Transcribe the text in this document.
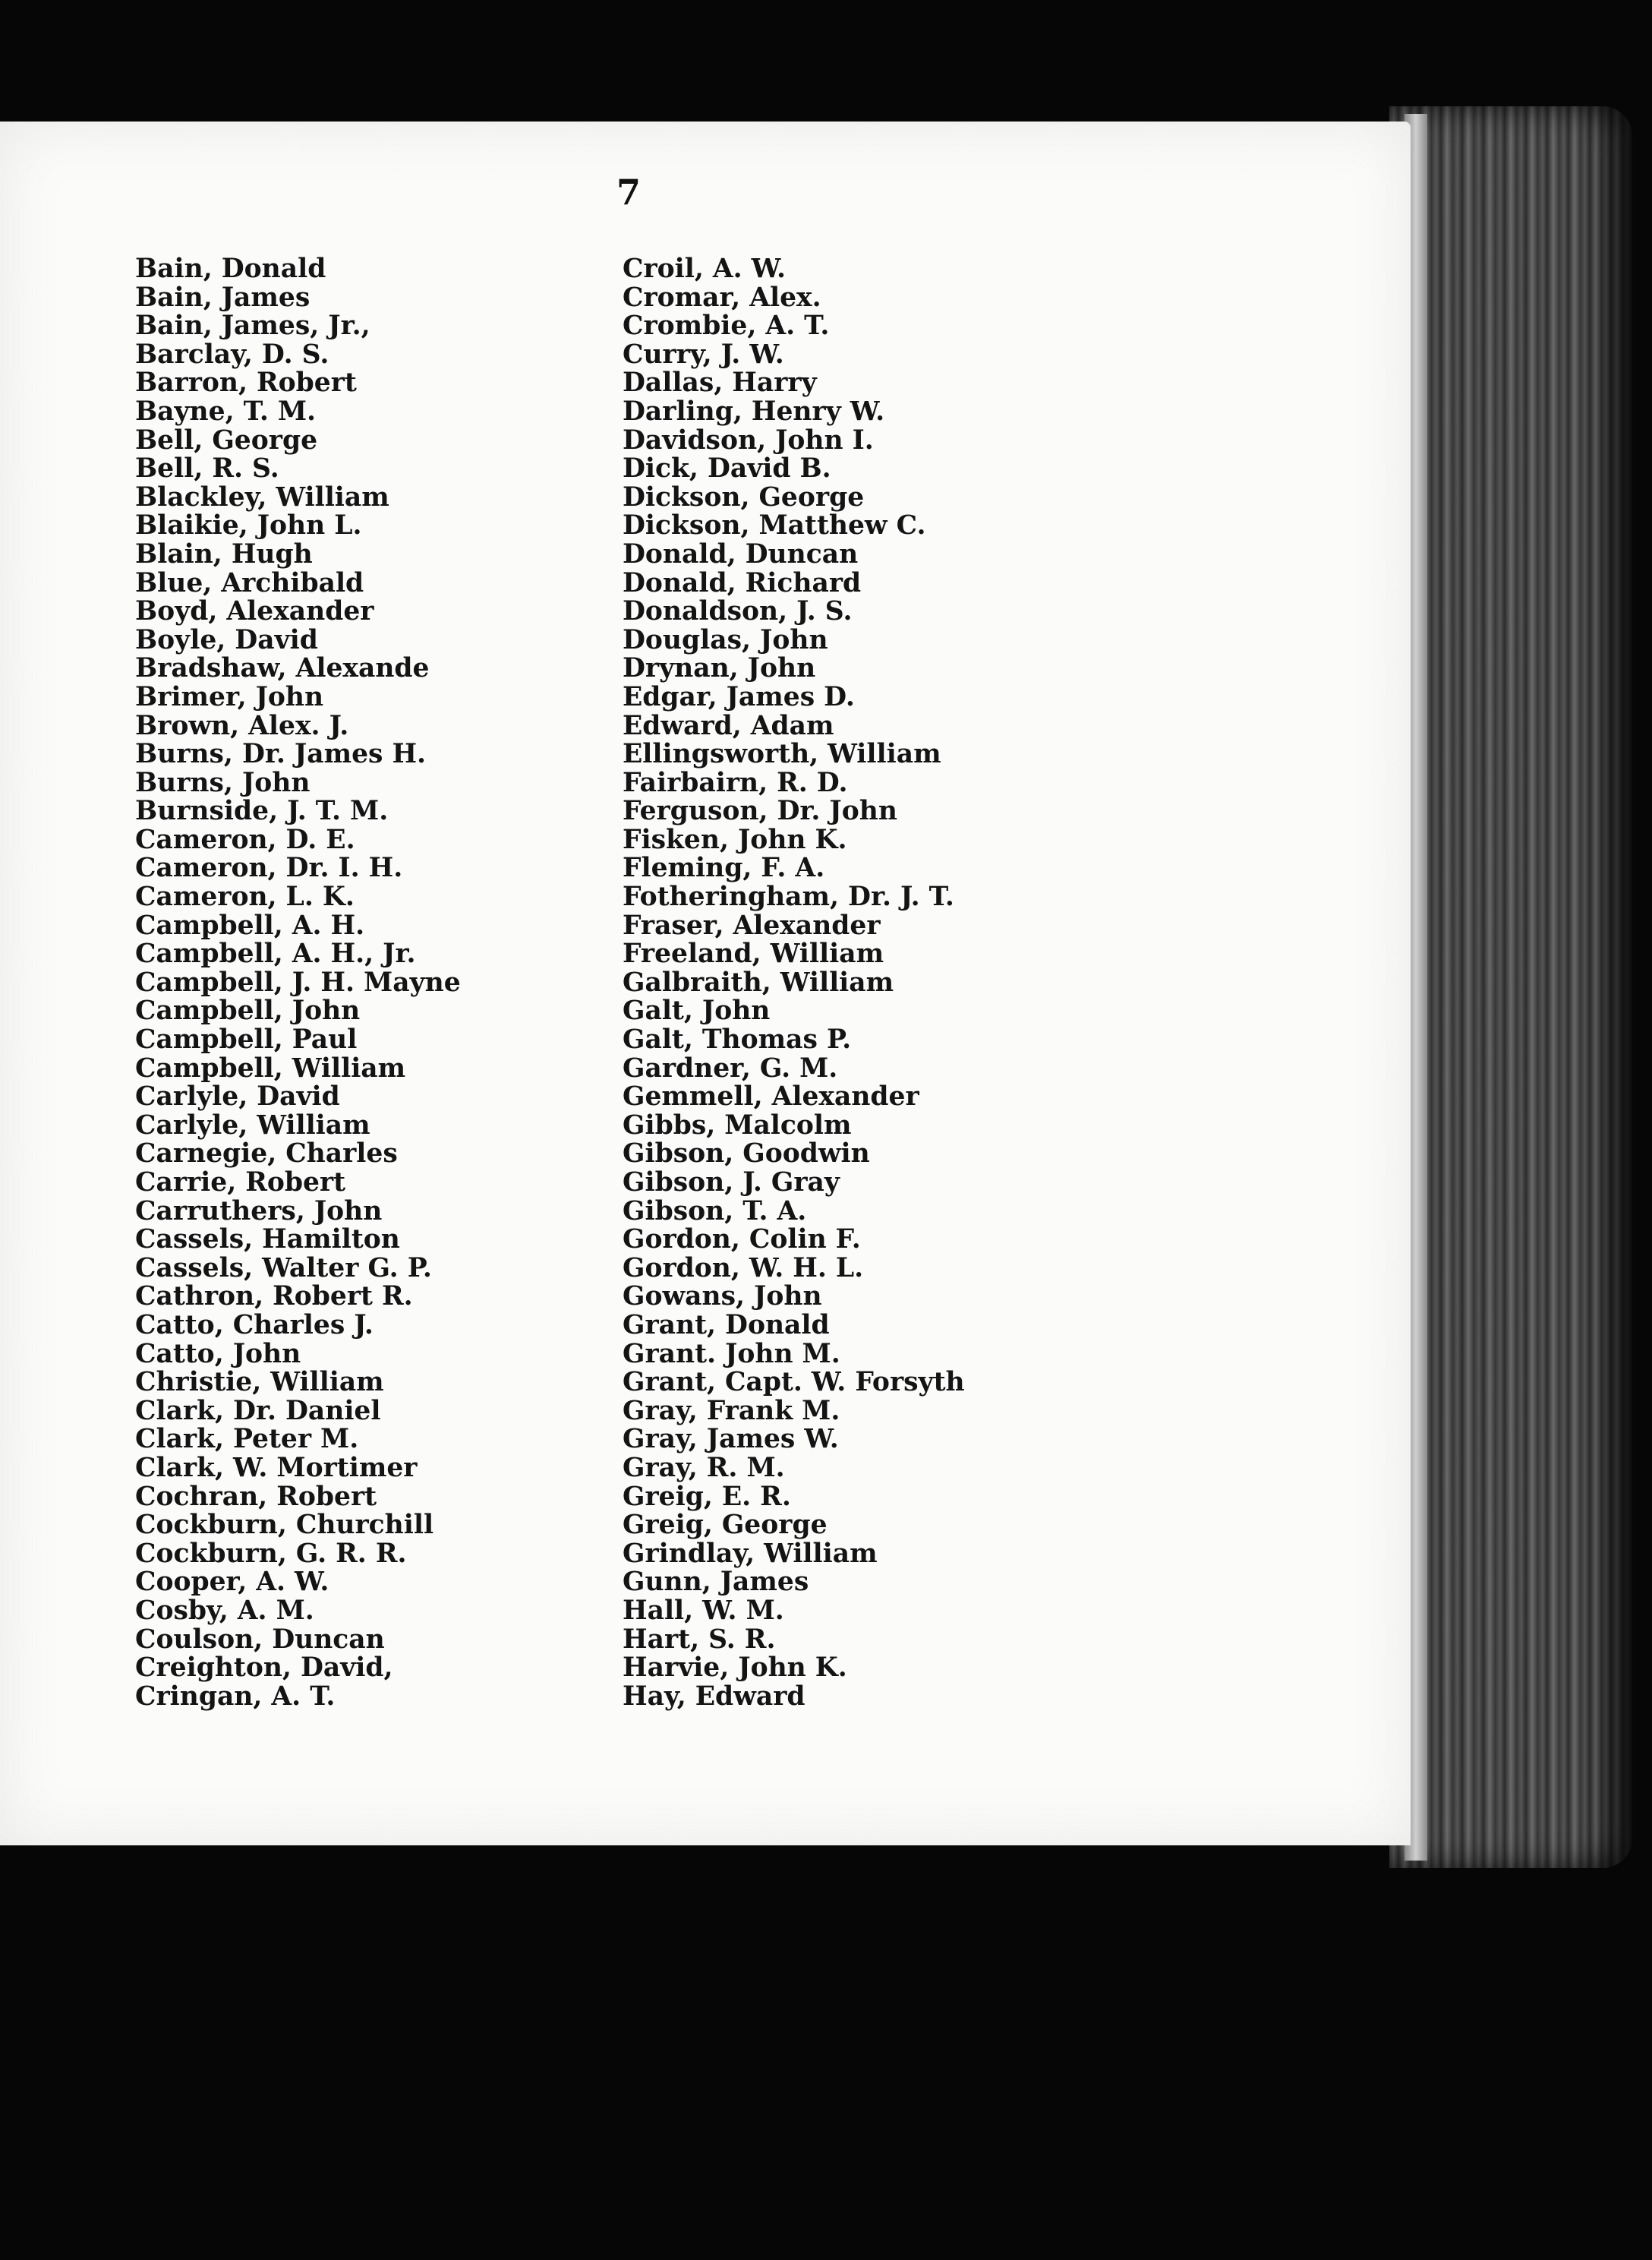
7
Bain, Donald
Bain, James
Bain, James, Jr.,
Barclay, D. S.
Barron, Robert
Bayne, T. M.
Bell, George
Bell, R. S.
Blackley, William
Blaikie, John L.
Blain, Hugh
Blue, Archibald
Boyd, Alexander
Boyle, David
Bradshaw, Alexande
Brimer, John
Brown, Alex. J.
Burns, Dr. James H.
Burns, John
Burnside, J. T. M.
Cameron, D. E.
Cameron, Dr. I. H.
Cameron, L. K.
Campbell, A. H.
Campbell, A. H., Jr.
Campbell, J. H. Mayne
Campbell, John
Campbell, Paul
Campbell, William
Carlyle, David
Carlyle, William
Carnegie, Charles
Carrie, Robert
Carruthers, John
Cassels, Hamilton
Cassels, Walter G. P.
Cathron, Robert R.
Catto, Charles J.
Catto, John
Christie, William
Clark, Dr. Daniel
Clark, Peter M.
Clark, W. Mortimer
Cochran, Robert
Cockburn, Churchill
Cockburn, G. R. R.
Cooper, A. W.
Cosby, A. M.
Coulson, Duncan
Creighton, David,
Cringan, A. T.
Croil, A. W.
Cromar, Alex.
Crombie, A. T.
Curry, J. W.
Dallas, Harry
Darling, Henry W.
Davidson, John I.
Dick, David B.
Dickson, George
Dickson, Matthew C.
Donald, Duncan
Donald, Richard
Donaldson, J. S.
Douglas, John
Drynan, John
Edgar, James D.
Edward, Adam
Ellingsworth, William
Fairbairn, R. D.
Ferguson, Dr. John
Fisken, John K.
Fleming, F. A.
Fotheringham, Dr. J. T.
Fraser, Alexander
Freeland, William
Galbraith, William
Galt, John
Galt, Thomas P.
Gardner, G. M.
Gemmell, Alexander
Gibbs, Malcolm
Gibson, Goodwin
Gibson, J. Gray
Gibson, T. A.
Gordon, Colin F.
Gordon, W. H. L.
Gowans, John
Grant, Donald
Grant. John M.
Grant, Capt. W. Forsyth
Gray, Frank M.
Gray, James W.
Gray, R. M.
Greig, E. R.
Greig, George
Grindlay, William
Gunn, James
Hall, W. M.
Hart, S. R.
Harvie, John K.
Hay, Edward
